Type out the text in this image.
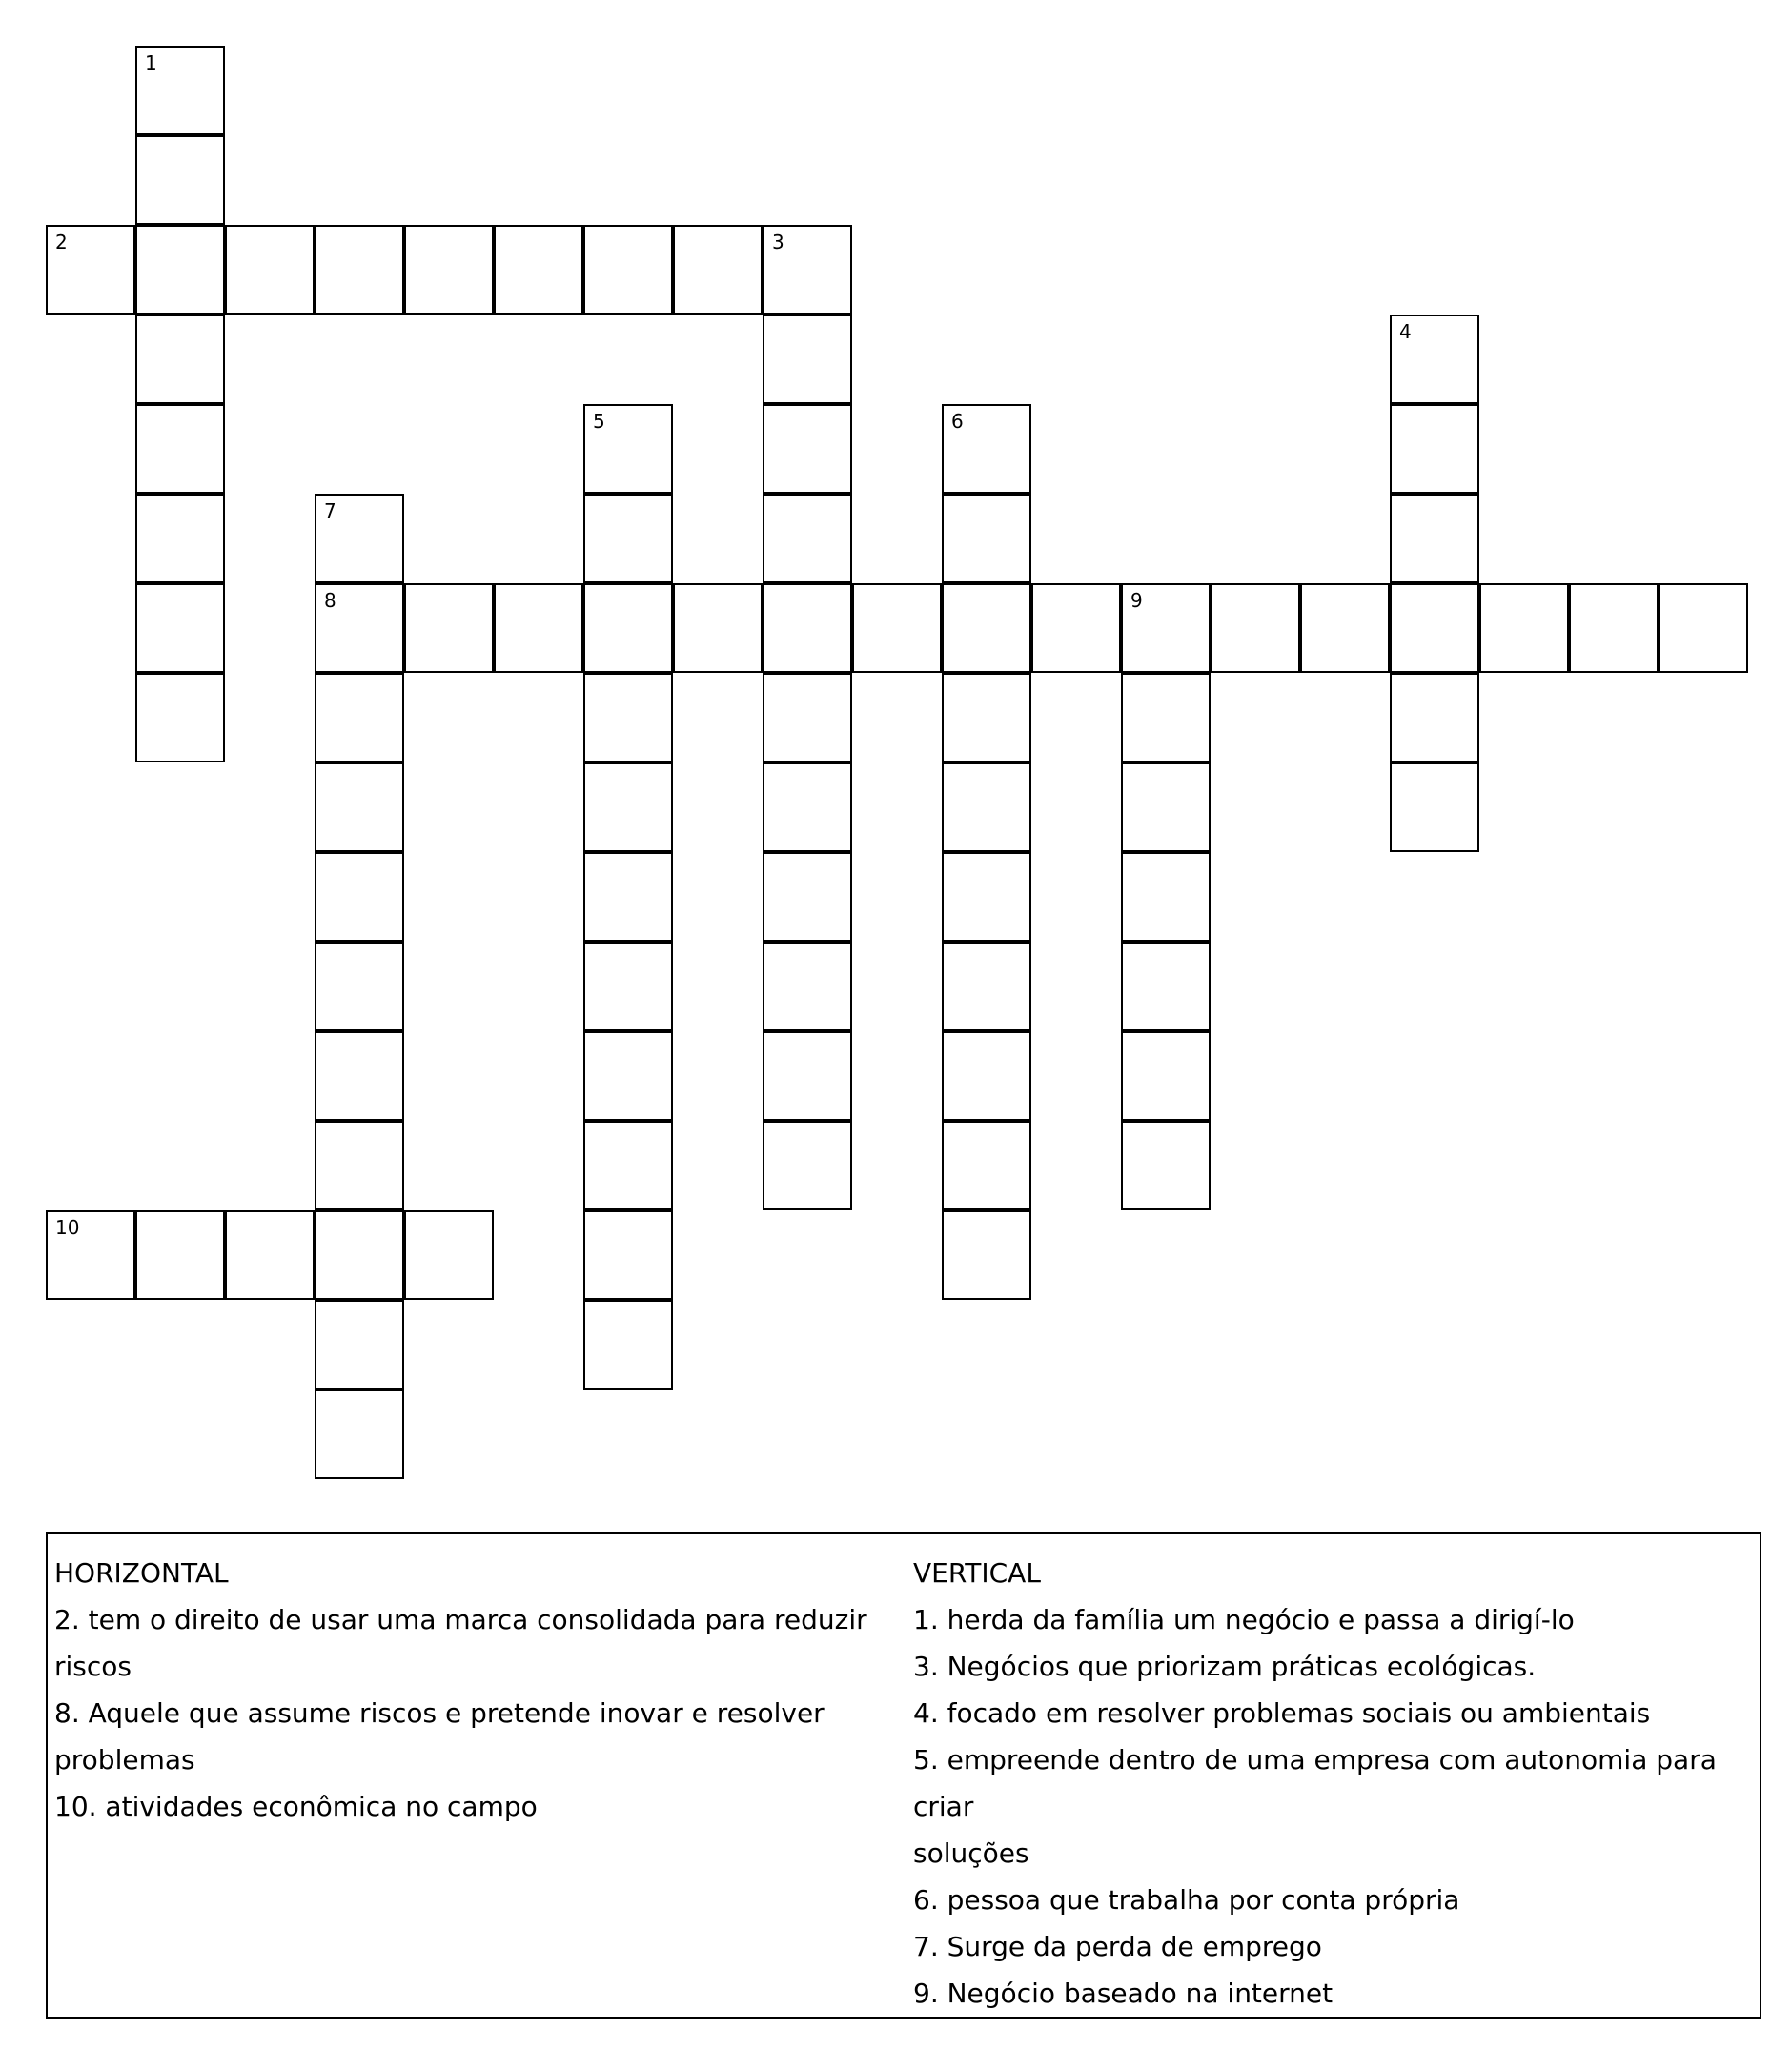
1
2	3
4
5	6
7
8	9
10
HORIZONTAL
2. tem o direito de usar uma marca consolidada para reduzir
riscos
8. Aquele que assume riscos e pretende inovar e resolver
problemas
10. atividades econômica no campo
VERTICAL
1. herda da família um negócio e passa a dirigí-lo
3. Negócios que priorizam práticas ecológicas.
4. focado em resolver problemas sociais ou ambientais
5. empreende dentro de uma empresa com autonomia para criar
soluções
6. pessoa que trabalha por conta própria
7. Surge da perda de emprego
9. Negócio baseado na internet
